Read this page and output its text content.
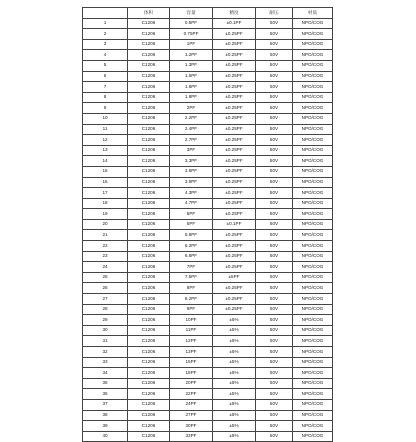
	体积	容量	精度	耐压	材质
1	C1206	0.5PF	±0.1PF	50V	NPO/COG
2	C1206	0.75PF	±0.25PF	50V	NPO/COG
3	C1206	1PF	±0.25PF	50V	NPO/COG
4	C1206	1.2PF	±0.25PF	50V	NPO/COG
5	C1206	1.3PF	±0.25PF	50V	NPO/COG
6	C1206	1.5PF	±0.25PF	50V	NPO/COG
7	C1206	1.6PF	±0.25PF	50V	NPO/COG
8	C1206	1.8PF	±0.25PF	50V	NPO/COG
9	C1206	2PF	±0.25PF	50V	NPO/COG
10	C1206	2.2PF	±0.25PF	50V	NPO/COG
11	C1206	2.4PF	±0.25PF	50V	NPO/COG
12	C1206	2.7PF	±0.25PF	50V	NPO/COG
13	C1206	3PF	±0.25PF	50V	NPO/COG
14	C1206	3.3PF	±0.25PF	50V	NPO/COG
15	C1206	3.6PF	±0.25PF	50V	NPO/COG
16	C1206	3.9PF	±0.25PF	50V	NPO/COG
17	C1206	4.3PF	±0.25PF	50V	NPO/COG
18	C1206	4.7PF	±0.25PF	50V	NPO/COG
19	C1206	5PF	±0.25PF	50V	NPO/COG
20	C1206	5PF	±0.1PF	50V	NPO/COG
21	C1206	5.6PF	±0.25PF	50V	NPO/COG
22	C1206	6.2PF	±0.25PF	50V	NPO/COG
23	C1206	6.8PF	±0.25PF	50V	NPO/COG
24	C1206	7PF	±0.25PF	50V	NPO/COG
25	C1206	7.5PF	±5PF	50V	NPO/COG
26	C1206	8PF	±0.25PF	50V	NPO/COG
27	C1206	8.2PF	±0.25PF	50V	NPO/COG
28	C1206	9PF	±0.25PF	50V	NPO/COG
29	C1206	10PF	±5%	50V	NPO/COG
30	C1206	11PF	±5%	50V	NPO/COG
31	C1206	12PF	±5%	50V	NPO/COG
32	C1206	13PF	±5%	50V	NPO/COG
33	C1206	15PF	±5%	50V	NPO/COG
34	C1206	18PF	±5%	50V	NPO/COG
35	C1206	20PF	±5%	50V	NPO/COG
36	C1206	22PF	±5%	50V	NPO/COG
37	C1206	24PF	±5%	50V	NPO/COG
38	C1206	27PF	±5%	50V	NPO/COG
39	C1206	30PF	±5%	50V	NPO/COG
40	C1206	33PF	±5%	50V	NPO/COG
